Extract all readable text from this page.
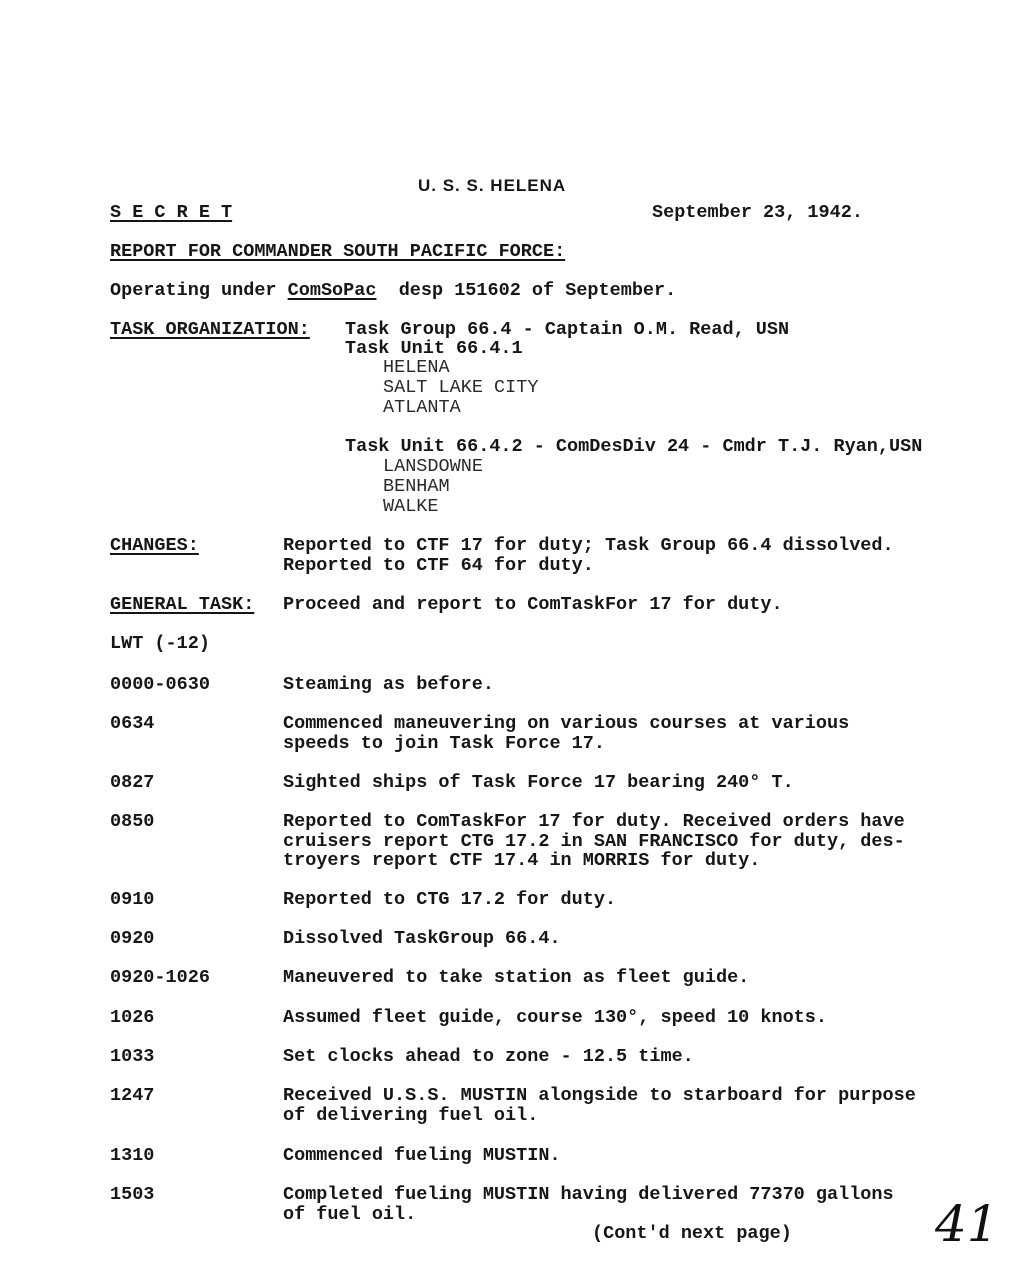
U. S. S. HELENA
S E C R E T	September 23, 1942.
REPORT FOR COMMANDER SOUTH PACIFIC FORCE:
Operating under ComSoPac desp 151602 of September.
TASK ORGANIZATION: Task Group 66.4 - Captain O.M. Read, USN
Task Unit 66.4.1
HELENA
SALT LAKE CITY
ATLANTA
Task Unit 66.4.2 - ComDesDiv 24 - Cmdr T.J. Ryan,USN
LANSDOWNE
BENHAM
WALKE
CHANGES:	Reported to CTF 17 for duty; Task Group 66.4 dissolved.
Reported to CTF 64 for duty.
GENERAL TASK: Proceed and report to ComTaskFor 17 for duty.
LWT (-12)
0000-0630	Steaming as before.
0634	Commenced maneuvering on various courses at various
speeds to join Task Force 17.
0827	Sighted ships of Task Force 17 bearing 240° T.
0850	Reported to ComTaskFor 17 for duty. Received orders have
cruisers report CTG 17.2 in SAN FRANCISCO for duty, des-
troyers report CTF 17.4 in MORRIS for duty.
0910	Reported to CTG 17.2 for duty.
0920	Dissolved TaskGroup 66.4.
0920-1026	Maneuvered to take station as fleet guide.
1026	Assumed fleet guide, course 130°, speed 10 knots.
1033	Set clocks ahead to zone - 12.5 time.
1247	Received U.S.S. MUSTIN alongside to starboard for purpose
of delivering fuel oil.
1310	Commenced fueling MUSTIN.
1503	Completed fueling MUSTIN having delivered 77370 gallons
of fuel oil.
(Cont'd next page)	41
